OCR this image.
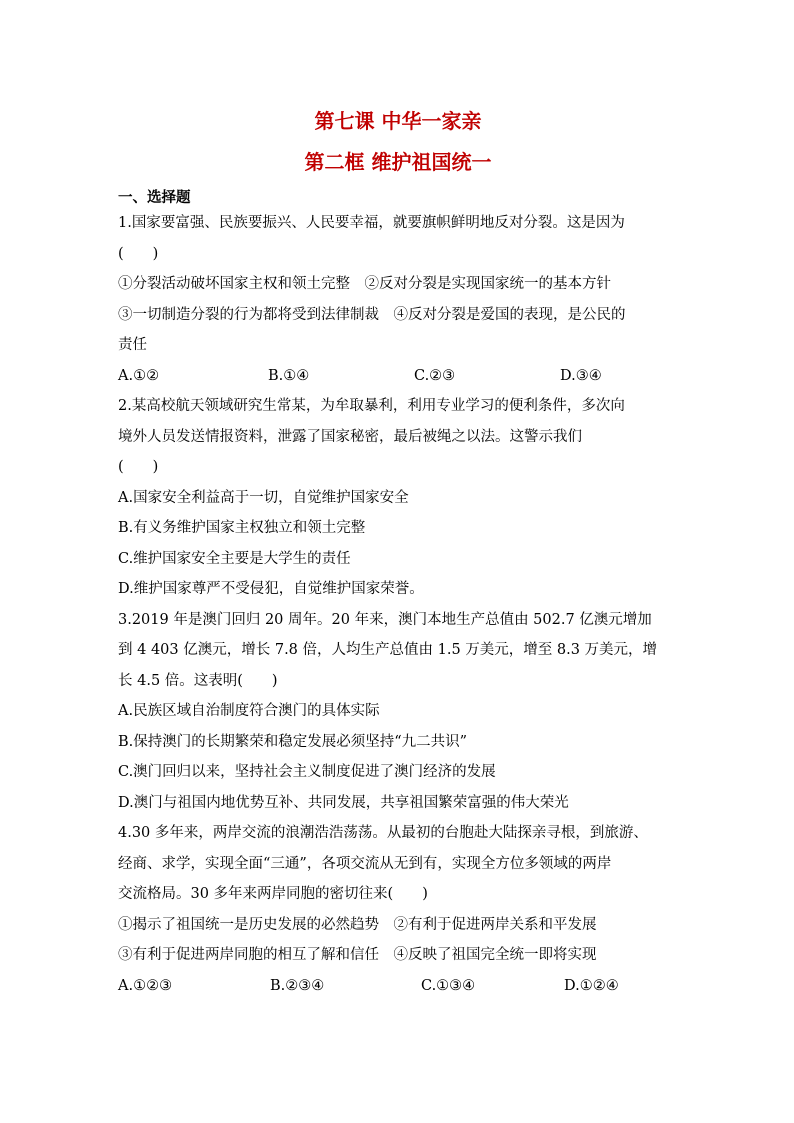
第七课 中华一家亲
第二框 维护祖国统一
一、选择题
1.国家要富强、民族要振兴、人民要幸福，就要旗帜鲜明地反对分裂。这是因为
(　　)
①分裂活动破坏国家主权和领土完整　②反对分裂是实现国家统一的基本方针
③一切制造分裂的行为都将受到法律制裁　④反对分裂是爱国的表现，是公民的
责任
A.①②	B.①④	C.②③	D.③④
2.某高校航天领域研究生常某，为牟取暴利，利用专业学习的便利条件，多次向
境外人员发送情报资料，泄露了国家秘密，最后被绳之以法。这警示我们
(　　)
A.国家安全利益高于一切，自觉维护国家安全
B.有义务维护国家主权独立和领土完整
C.维护国家安全主要是大学生的责任
D.维护国家尊严不受侵犯，自觉维护国家荣誉。
3.2019 年是澳门回归 20 周年。20 年来，澳门本地生产总值由 502.7 亿澳元增加
到 4 403 亿澳元，增长 7.8 倍，人均生产总值由 1.5 万美元，增至 8.3 万美元，增
长 4.5 倍。这表明(　　)
A.民族区域自治制度符合澳门的具体实际
B.保持澳门的长期繁荣和稳定发展必须坚持“九二共识”
C.澳门回归以来，坚持社会主义制度促进了澳门经济的发展
D.澳门与祖国内地优势互补、共同发展，共享祖国繁荣富强的伟大荣光
4.30 多年来，两岸交流的浪潮浩浩荡荡。从最初的台胞赴大陆探亲寻根，到旅游、
经商、求学，实现全面“三通”，各项交流从无到有，实现全方位多领域的两岸
交流格局。30 多年来两岸同胞的密切往来(　　)
①揭示了祖国统一是历史发展的必然趋势　②有利于促进两岸关系和平发展
③有利于促进两岸同胞的相互了解和信任　④反映了祖国完全统一即将实现
A.①②③	B.②③④	C.①③④	D.①②④
